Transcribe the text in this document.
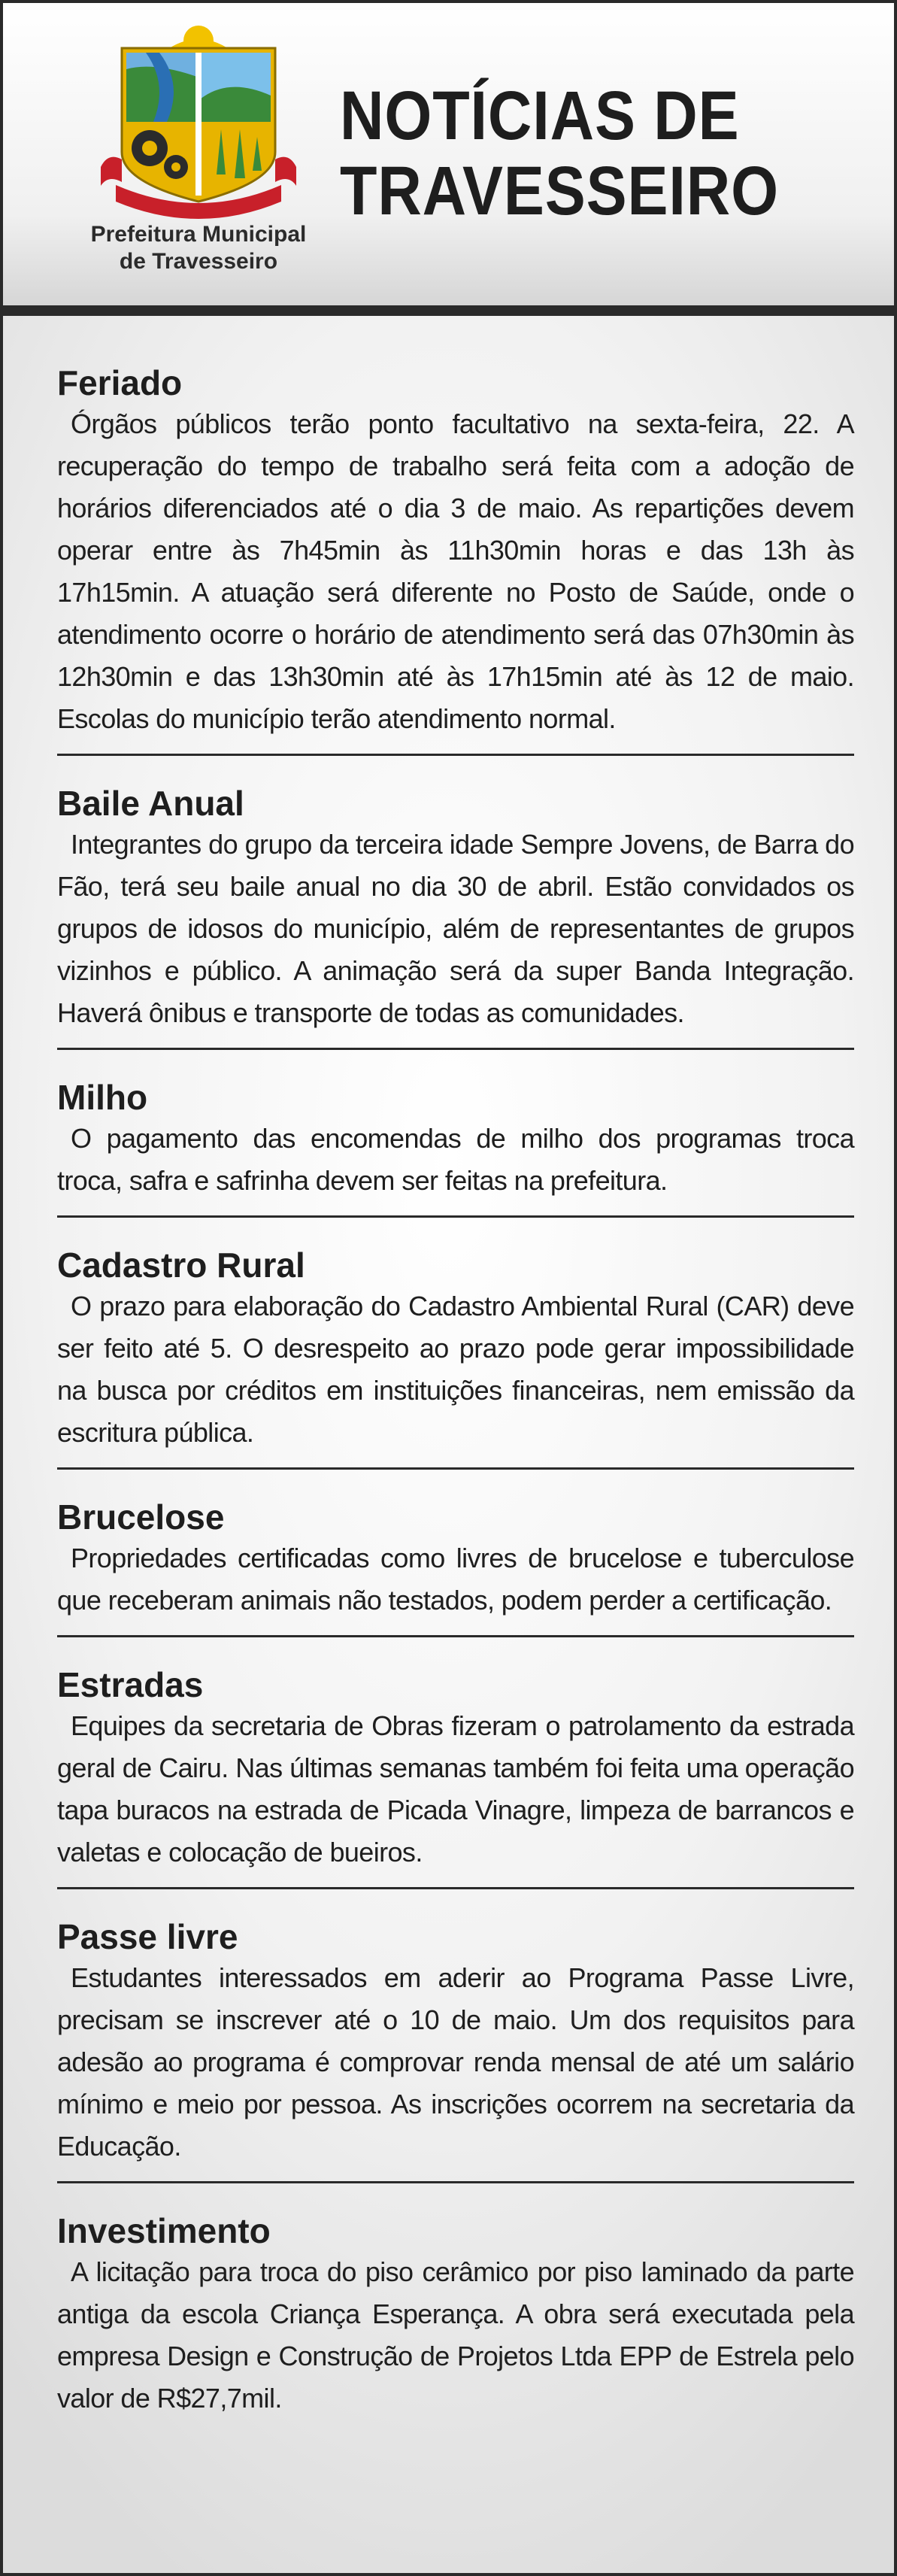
Prefeitura Municipal
de Travesseiro
NOTÍCIAS DE
TRAVESSEIRO
Feriado

Órgãos públicos terão ponto facultativo na sexta-feira, 22. A recuperação do tempo de trabalho será feita com a adoção de horários diferenciados até o dia 3 de maio. As repartições devem operar entre às 7h45min às 11h30min horas e das 13h às 17h15min. A atuação será diferente no Posto de Saúde, onde o atendimento ocorre o horário de atendimento será das 07h30min às 12h30min e das 13h30min até às 17h15min até às 12 de maio. Escolas do município terão atendimento normal.

Baile Anual

Integrantes do grupo da terceira idade Sempre Jovens, de Barra do Fão, terá seu baile anual no dia 30 de abril. Estão convidados os grupos de idosos do município, além de representantes de grupos vizinhos e público. A animação será da super Banda Integração. Haverá ônibus e transporte de todas as comunidades.

Milho

O pagamento das encomendas de milho dos programas troca troca, safra e safrinha devem ser feitas na prefeitura.

Cadastro Rural

O prazo para elaboração do Cadastro Ambiental Rural (CAR) deve ser feito até 5. O desrespeito ao prazo pode gerar impossibilidade na busca por créditos em instituições financeiras, nem emissão da escritura pública.

Brucelose

Propriedades certificadas como livres de brucelose e tuberculose que receberam animais não testados, podem perder a certificação.

Estradas

Equipes da secretaria de Obras fizeram o patrolamento da estrada geral de Cairu. Nas últimas semanas também foi feita uma operação tapa buracos na estrada de Picada Vinagre, limpeza de barrancos e valetas e colocação de bueiros.

Passe livre

Estudantes interessados em aderir ao Programa Passe Livre, precisam se inscrever até o 10 de maio. Um dos requisitos para adesão ao programa é comprovar renda mensal de até um salário mínimo e meio por pessoa. As inscrições ocorrem na secretaria da Educação.

Investimento

A licitação para troca do piso cerâmico por piso laminado da parte antiga da escola Criança Esperança. A obra será executada pela empresa Design e Construção de Projetos Ltda EPP de Estrela pelo valor de R$27,7mil.
